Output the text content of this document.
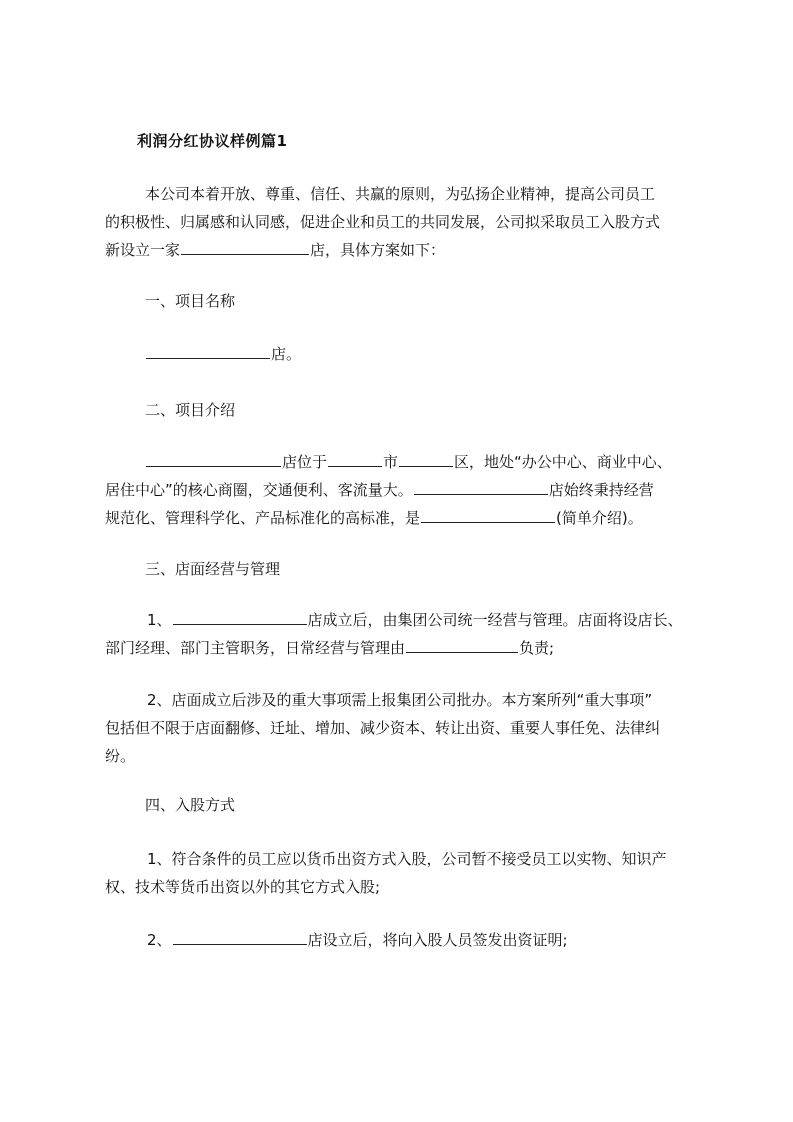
利润分红协议样例篇1
本公司本着开放、尊重、信任、共赢的原则，为弘扬企业精神，提高公司员工
的积极性、归属感和认同感，促进企业和员工的共同发展，公司拟采取员工入股方式
新设立一家	店，具体方案如下：
一、项目名称
店。
二、项目介绍
店位于	市	区，地处“办公中心、商业中心、
居住中心”的核心商圈，交通便利、客流量大。	店始终秉持经营
规范化、管理科学化、产品标准化的高标准，是	(简单介绍)。
三、店面经营与管理
1、	店成立后，由集团公司统一经营与管理。店面将设店长、
部门经理、部门主管职务，日常经营与管理由	负责;
2、店面成立后涉及的重大事项需上报集团公司批办。本方案所列“重大事项”
包括但不限于店面翻修、迁址、增加、减少资本、转让出资、重要人事任免、法律纠
纷。
四、入股方式
1、符合条件的员工应以货币出资方式入股，公司暂不接受员工以实物、知识产
权、技术等货币出资以外的其它方式入股;
2、	店设立后，将向入股人员签发出资证明;
